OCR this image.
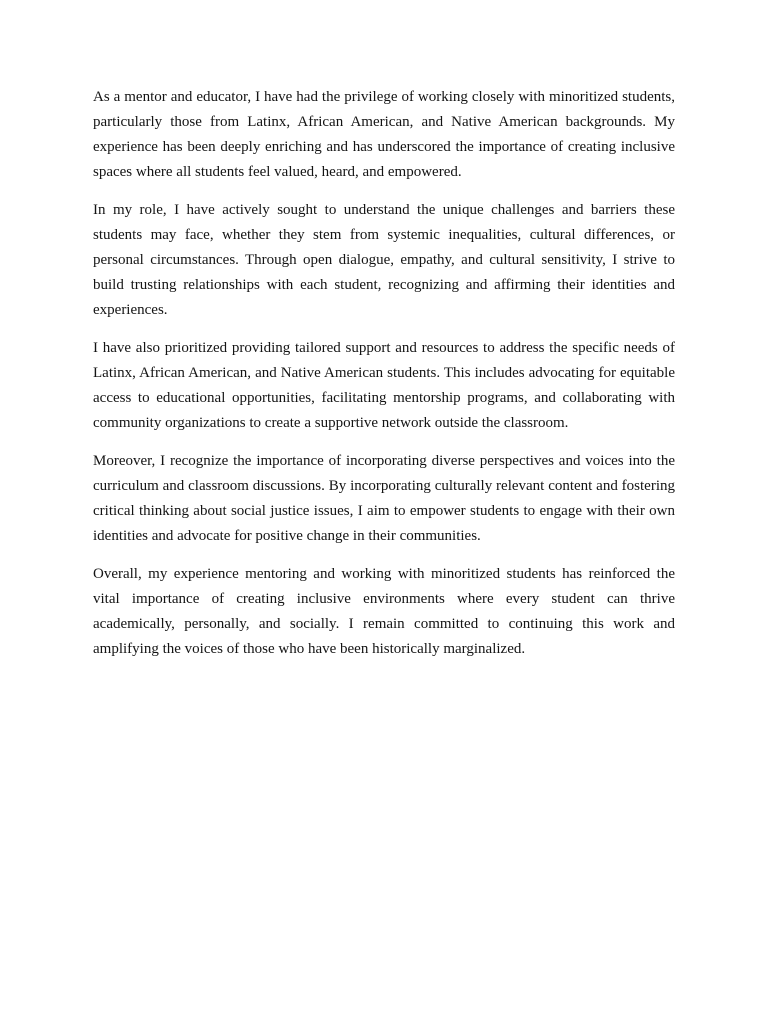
As a mentor and educator, I have had the privilege of working closely with minoritized students, particularly those from Latinx, African American, and Native American backgrounds. My experience has been deeply enriching and has underscored the importance of creating inclusive spaces where all students feel valued, heard, and empowered.

In my role, I have actively sought to understand the unique challenges and barriers these students may face, whether they stem from systemic inequalities, cultural differences, or personal circumstances. Through open dialogue, empathy, and cultural sensitivity, I strive to build trusting relationships with each student, recognizing and affirming their identities and experiences.

I have also prioritized providing tailored support and resources to address the specific needs of Latinx, African American, and Native American students. This includes advocating for equitable access to educational opportunities, facilitating mentorship programs, and collaborating with community organizations to create a supportive network outside the classroom.

Moreover, I recognize the importance of incorporating diverse perspectives and voices into the curriculum and classroom discussions. By incorporating culturally relevant content and fostering critical thinking about social justice issues, I aim to empower students to engage with their own identities and advocate for positive change in their communities.

Overall, my experience mentoring and working with minoritized students has reinforced the vital importance of creating inclusive environments where every student can thrive academically, personally, and socially. I remain committed to continuing this work and amplifying the voices of those who have been historically marginalized.
